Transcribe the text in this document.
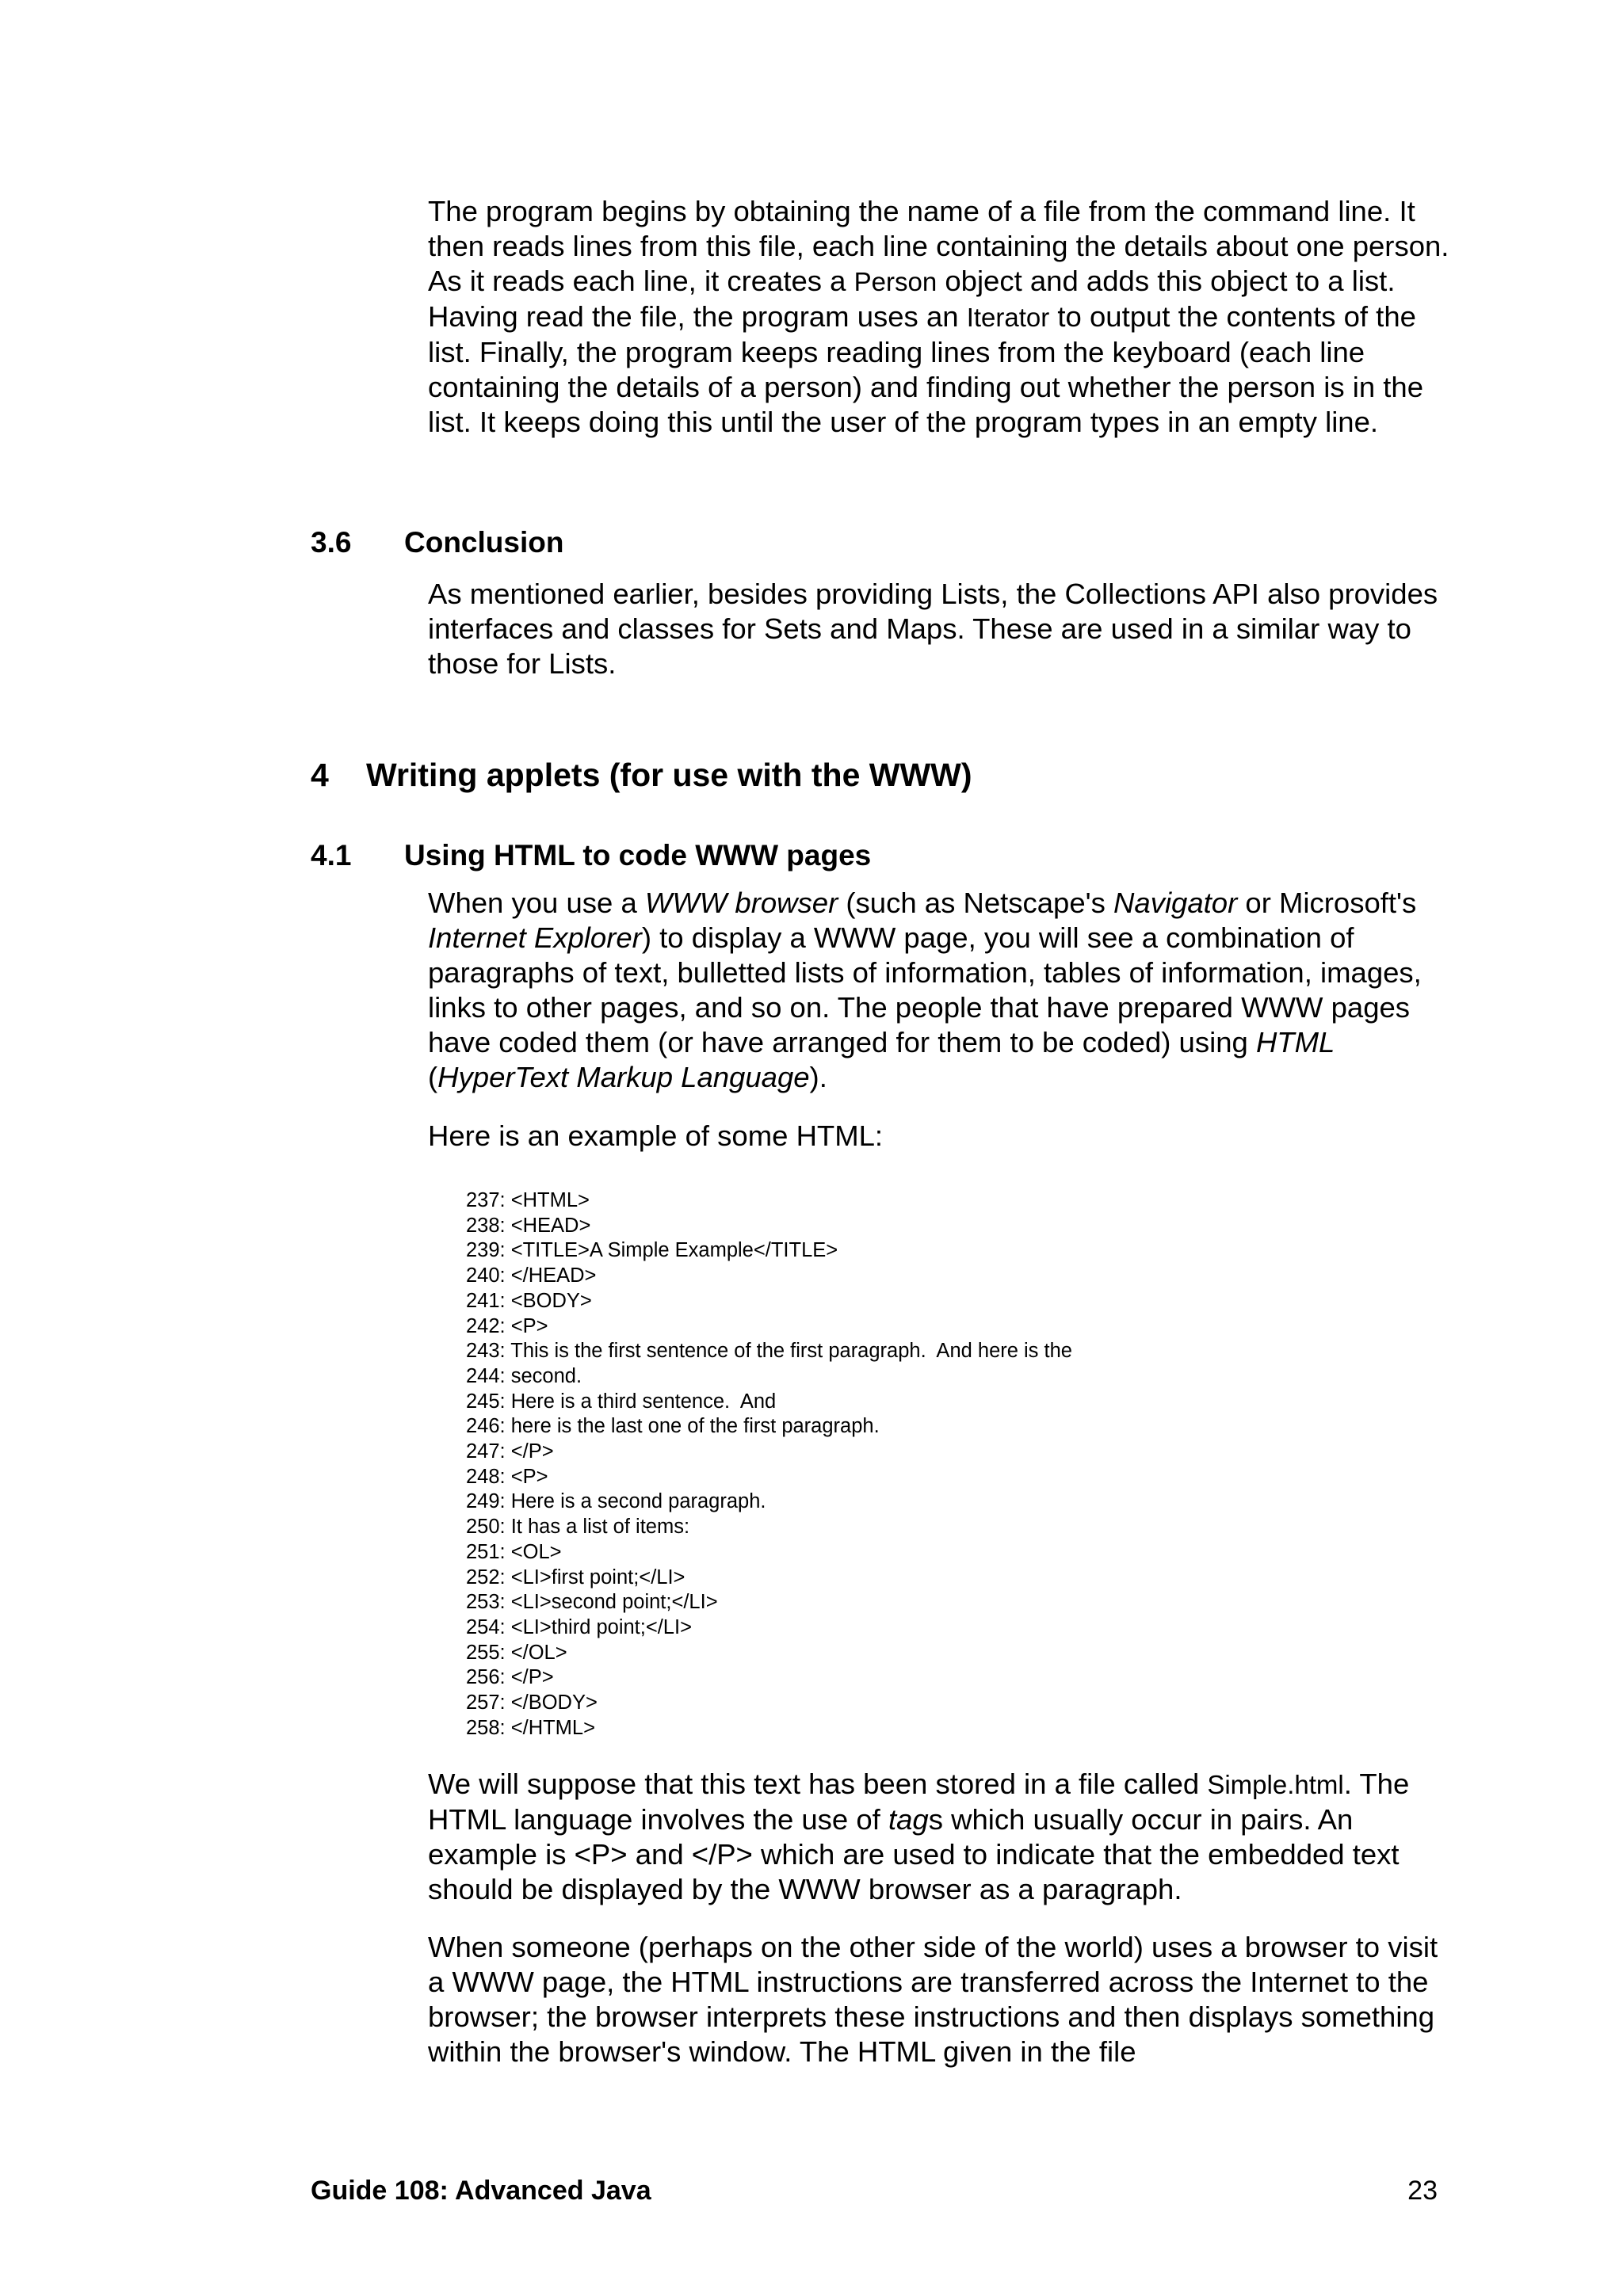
The program begins by obtaining the name of a file from the command line. It then reads lines from this file, each line containing the details about one person. As it reads each line, it creates a Person object and adds this object to a list. Having read the file, the program uses an Iterator to output the contents of the list. Finally, the program keeps reading lines from the keyboard (each line containing the details of a person) and finding out whether the person is in the list. It keeps doing this until the user of the program types in an empty line.

3.6 Conclusion

As mentioned earlier, besides providing Lists, the Collections API also provides interfaces and classes for Sets and Maps. These are used in a similar way to those for Lists.

4 Writing applets (for use with the WWW)
4.1 Using HTML to code WWW pages

When you use a WWW browser (such as Netscape's Navigator or Microsoft's Internet Explorer) to display a WWW page, you will see a combination of paragraphs of text, bulletted lists of information, tables of information, images, links to other pages, and so on. The people that have prepared WWW pages have coded them (or have arranged for them to be coded) using HTML (HyperText Markup Language).

Here is an example of some HTML:

237: <HTML>
238: <HEAD>
239: <TITLE>A Simple Example</TITLE>
240: </HEAD>
241: <BODY>
242: <P>
243: This is the first sentence of the first paragraph.  And here is the
244: second.
245: Here is a third sentence.  And
246: here is the last one of the first paragraph.
247: </P>
248: <P>
249: Here is a second paragraph.
250: It has a list of items:
251: <OL>
252: <LI>first point;</LI>
253: <LI>second point;</LI>
254: <LI>third point;</LI>
255: </OL>
256: </P>
257: </BODY>
258: </HTML>

We will suppose that this text has been stored in a file called Simple.html. The HTML language involves the use of tags which usually occur in pairs. An example is <P> and </P> which are used to indicate that the embedded text should be displayed by the WWW browser as a paragraph.

When someone (perhaps on the other side of the world) uses a browser to visit a WWW page, the HTML instructions are transferred across the Internet to the browser; the browser interprets these instructions and then displays something within the browser's window. The HTML given in the file

Guide 108: Advanced Java	23
